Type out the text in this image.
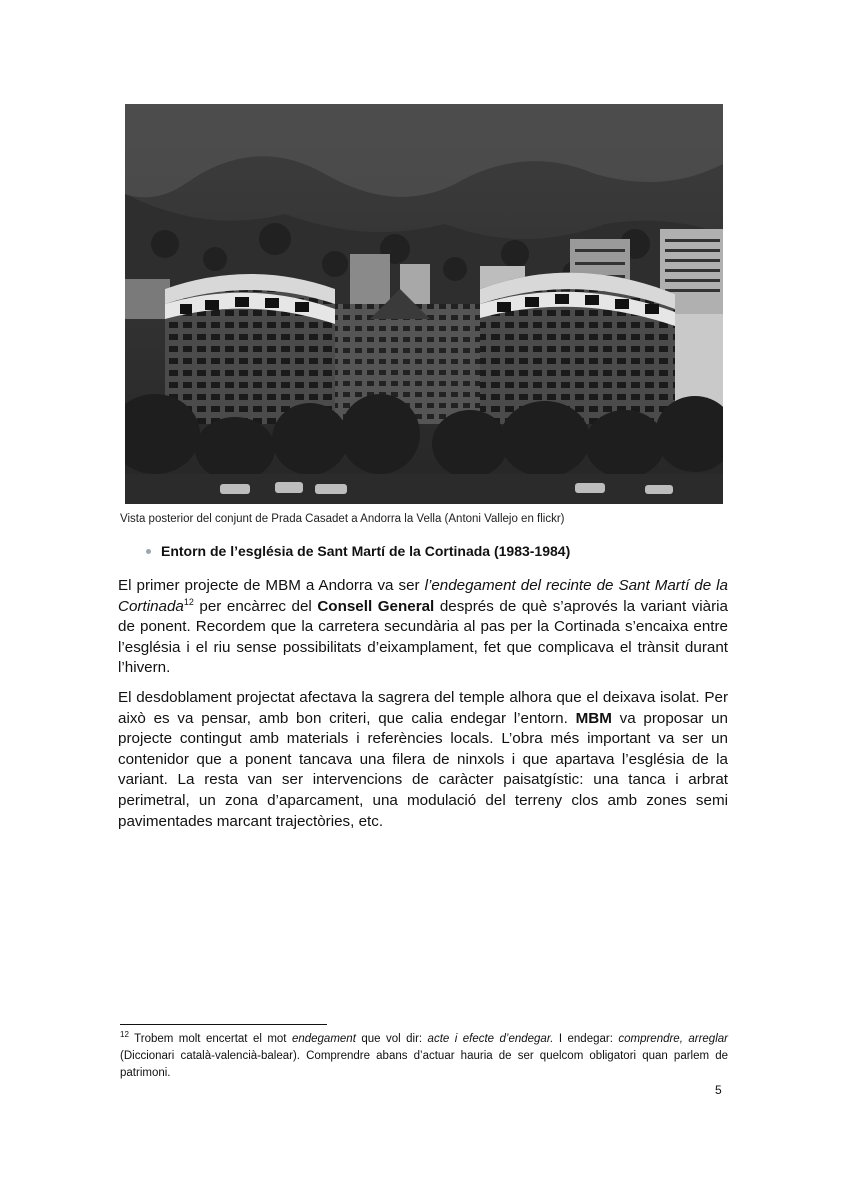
Vista posterior del conjunt de Prada Casadet a Andorra la Vella (Antoni Vallejo en flickr)
Entorn de l’església de Sant Martí de la Cortinada (1983-1984)
El primer projecte de MBM a Andorra va ser l’endegament del recinte de Sant Martí de la Cortinada$^{12}$ per encàrrec del Consell General després de què s’aprovés la variant viària de ponent. Recordem que la carretera secundària al pas per la Cortinada s’encaixa entre l’església i el riu sense possibilitats d’eixamplament, fet que complicava el trànsit durant l’hivern.
El desdoblament projectat afectava la sagrera del temple alhora que el deixava isolat. Per això es va pensar, amb bon criteri, que calia endegar l’entorn. MBM va proposar un projecte contingut amb materials i referències locals. L’obra més important va ser un contenidor que a ponent tancava una filera de ninxols i que apartava l’església de la variant. La resta van ser intervencions de caràcter paisatgístic: una tanca i arbrat perimetral, un zona d’aparcament, una modulació del terreny clos amb zones semi pavimentades marcant trajectòries, etc.
$^{12}$ Trobem molt encertat el mot endegament que vol dir: acte i efecte d’endegar. I endegar: comprendre, arreglar (Diccionari català-valencià-balear). Comprendre abans d’actuar hauria de ser quelcom obligatori quan parlem de patrimoni.
5
